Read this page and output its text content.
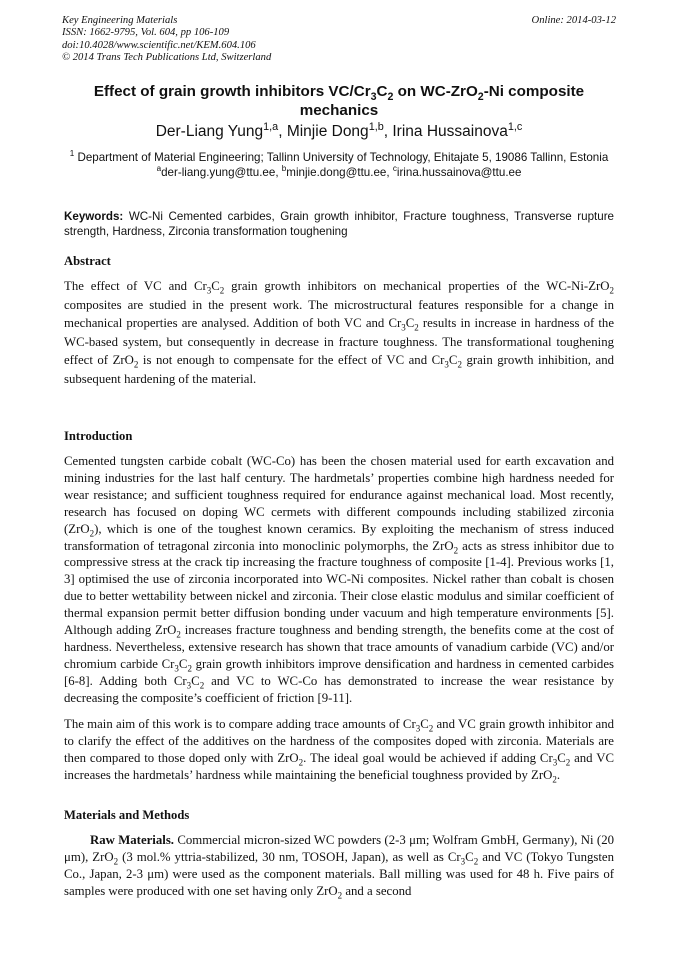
Key Engineering Materials
ISSN: 1662-9795, Vol. 604, pp 106-109
doi:10.4028/www.scientific.net/KEM.604.106
© 2014 Trans Tech Publications Ltd, Switzerland
Online: 2014-03-12
Effect of grain growth inhibitors $VC/Cr_3C_2$ on WC-ZrO$_2$-Ni composite mechanics
Der-Liang Yung$^{1,a}$, Minjie Dong$^{1,b}$, Irina Hussainova$^{1,c}$
$^1$ Department of Material Engineering; Tallinn University of Technology, Ehitajate 5, 19086 Tallinn, Estonia
$^a$der-liang.yung@ttu.ee, $^b$minjie.dong@ttu.ee, $^c$irina.hussainova@ttu.ee
Keywords: WC-Ni Cemented carbides, Grain growth inhibitor, Fracture toughness, Transverse rupture strength, Hardness, Zirconia transformation toughening
Abstract
The effect of VC and $Cr_3C_2$ grain growth inhibitors on mechanical properties of the WC-Ni-ZrO$_2$ composites are studied in the present work. The microstructural features responsible for a change in mechanical properties are analysed. Addition of both VC and $Cr_3C_2$ results in increase in hardness of the WC-based system, but consequently in decrease in fracture toughness. The transformational toughening effect of ZrO$_2$ is not enough to compensate for the effect of VC and $Cr_3C_2$ grain growth inhibition, and subsequent hardening of the material.
Introduction
Cemented tungsten carbide cobalt (WC-Co) has been the chosen material used for earth excavation and mining industries for the last half century. The hardmetals’ properties combine high hardness needed for wear resistance; and sufficient toughness required for endurance against mechanical load. Most recently, research has focused on doping WC cermets with different compounds including stabilized zirconia (ZrO$_2$), which is one of the toughest known ceramics. By exploiting the mechanism of stress induced transformation of tetragonal zirconia into monoclinic polymorphs, the ZrO$_2$ acts as stress inhibitor due to compressive stress at the crack tip increasing the fracture toughness of composite [1-4]. Previous works [1, 3] optimised the use of zirconia incorporated into WC-Ni composites. Nickel rather than cobalt is chosen due to better wettability between nickel and zirconia. Their close elastic modulus and similar coefficient of thermal expansion permit better diffusion bonding under vacuum and high temperature environments [5]. Although adding ZrO$_2$ increases fracture toughness and bending strength, the benefits come at the cost of hardness. Nevertheless, extensive research has shown that trace amounts of vanadium carbide (VC) and/or chromium carbide $Cr_3C_2$ grain growth inhibitors improve densification and hardness in cemented carbides [6-8]. Adding both $Cr_3C_2$ and VC to WC-Co has demonstrated to increase the wear resistance by decreasing the composite’s coefficient of friction [9-11].
The main aim of this work is to compare adding trace amounts of $Cr_3C_2$ and VC grain growth inhibitor and to clarify the effect of the additives on the hardness of the composites doped with zirconia. Materials are then compared to those doped only with ZrO$_2$. The ideal goal would be achieved if adding $Cr_3C_2$ and VC increases the hardmetals’ hardness while maintaining the beneficial toughness provided by ZrO$_2$.
Materials and Methods
Raw Materials. Commercial micron-sized WC powders (2-3 μm; Wolfram GmbH, Germany), Ni (20 μm), ZrO$_2$ (3 mol.% yttria-stabilized, 30 nm, TOSOH, Japan), as well as $Cr_3C_2$ and VC (Tokyo Tungsten Co., Japan, 2-3 μm) were used as the component materials. Ball milling was used for 48 h. Five pairs of samples were produced with one set having only ZrO$_2$ and a second
